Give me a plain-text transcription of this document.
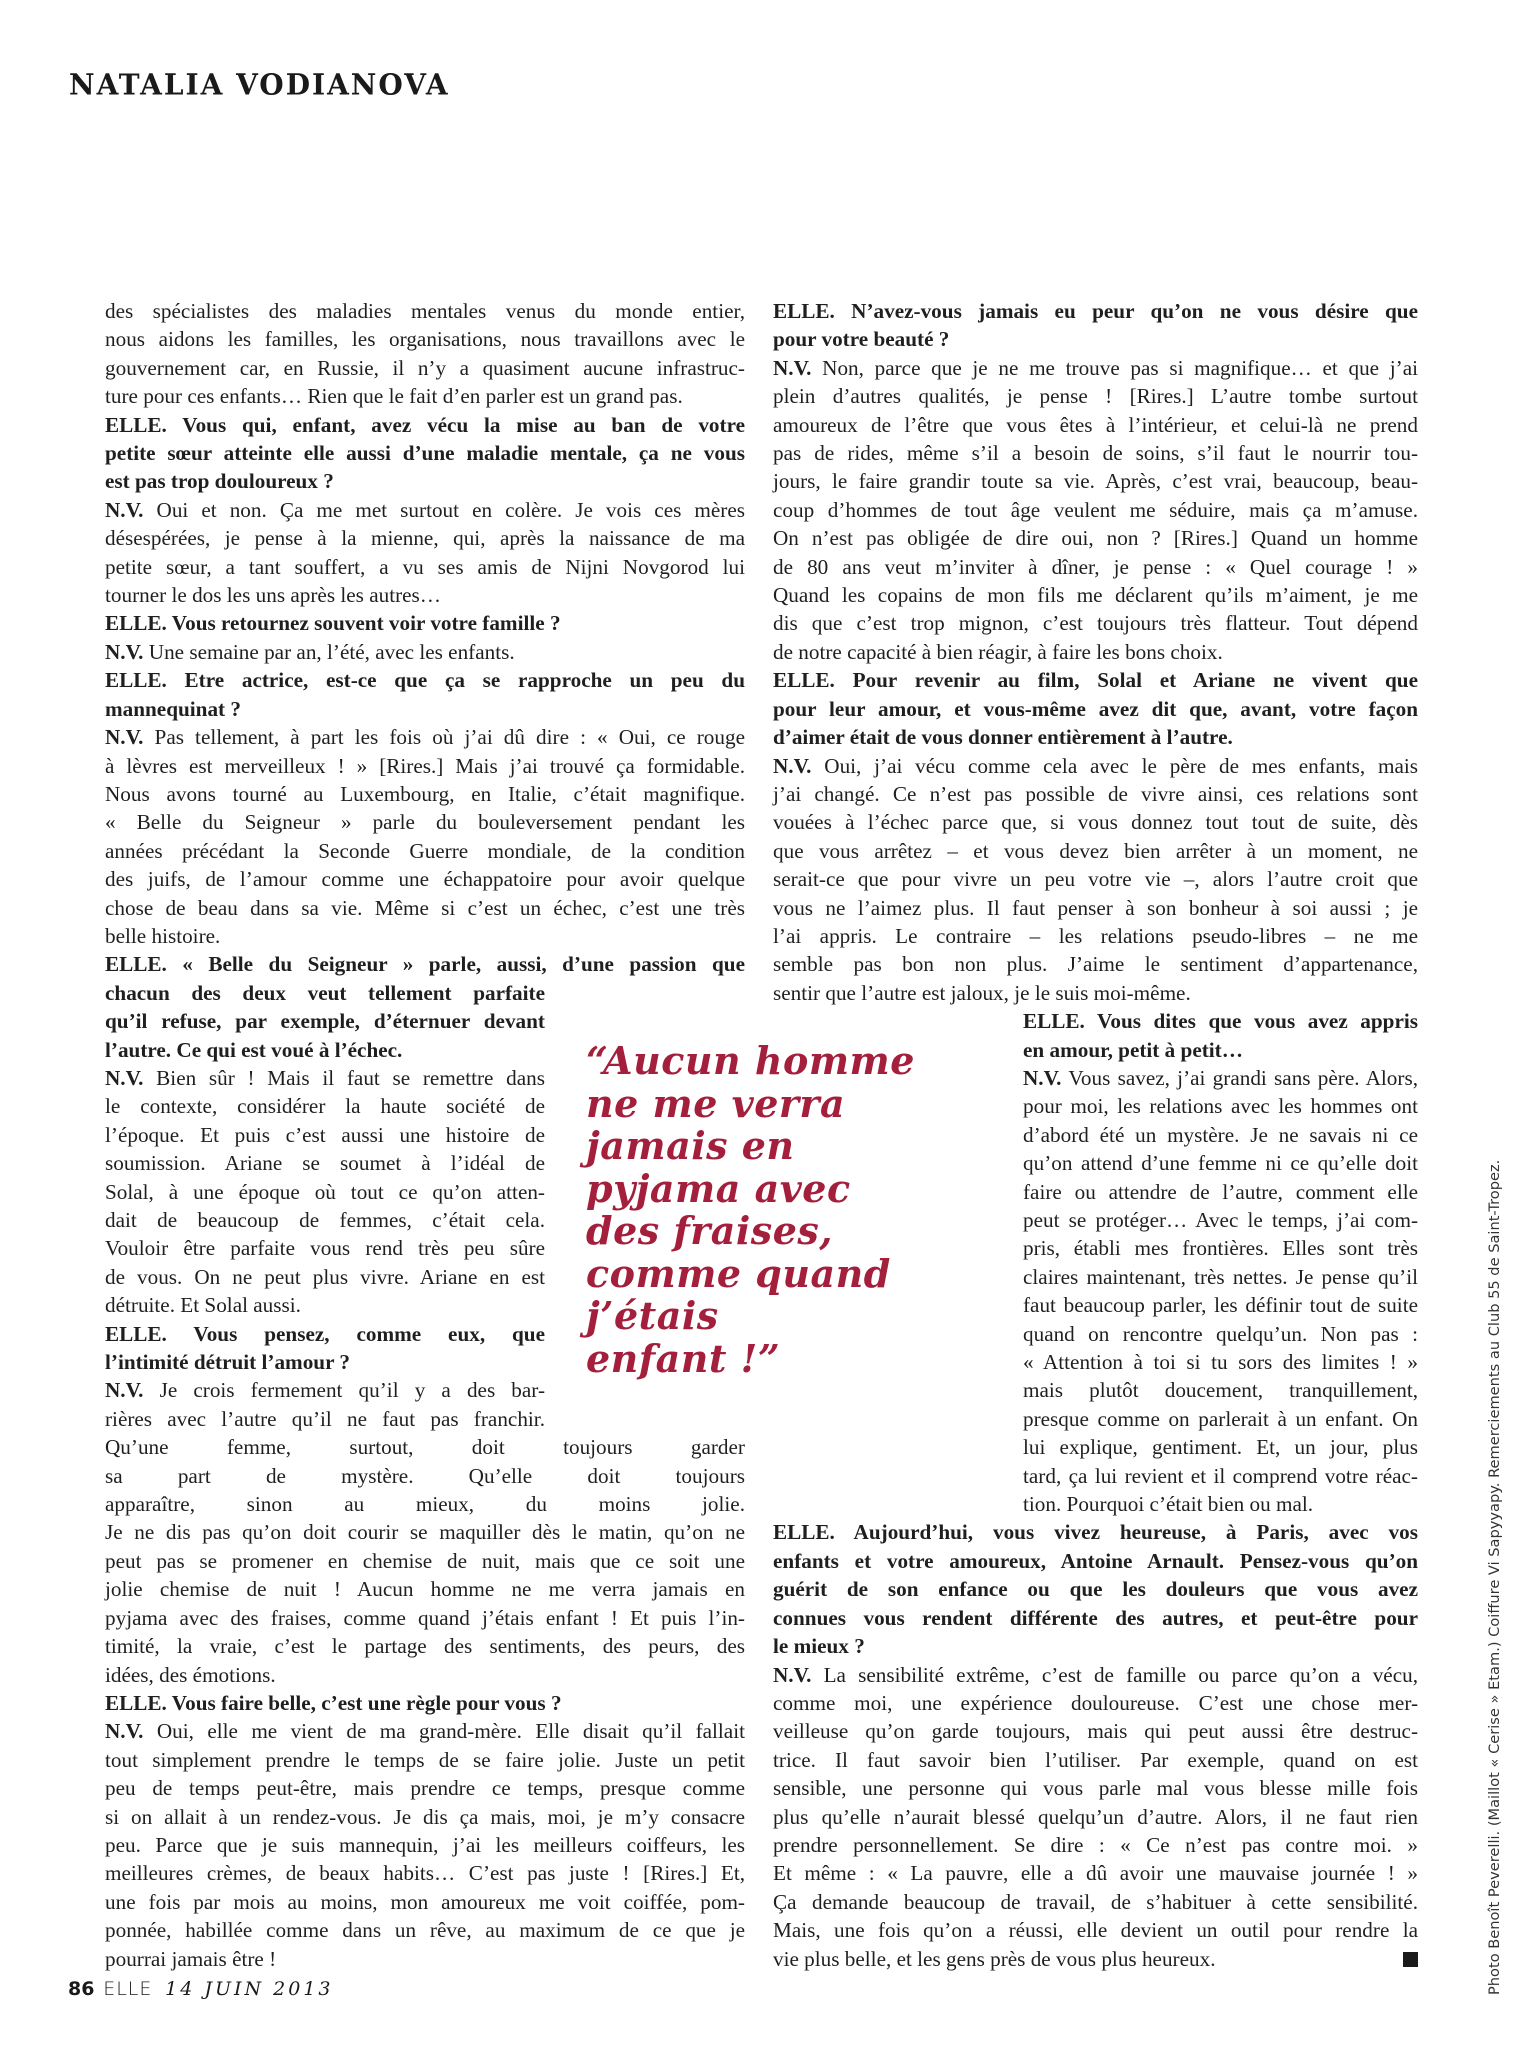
NATALIA VODIANOVA
des spécialistes des maladies mentales venus du monde entier,
nous aidons les familles, les organisations, nous travaillons avec le
gouvernement car, en Russie, il n’y a quasiment aucune infrastruc-
ture pour ces enfants… Rien que le fait d’en parler est un grand pas.
ELLE. Vous qui, enfant, avez vécu la mise au ban de votre
petite sœur atteinte elle aussi d’une maladie mentale, ça ne vous
est pas trop douloureux ?
N.V. Oui et non. Ça me met surtout en colère. Je vois ces mères
désespérées, je pense à la mienne, qui, après la naissance de ma
petite sœur, a tant souffert, a vu ses amis de Nijni Novgorod lui
tourner le dos les uns après les autres…
ELLE. Vous retournez souvent voir votre famille ?
N.V. Une semaine par an, l’été, avec les enfants.
ELLE. Etre actrice, est-ce que ça se rapproche un peu du
mannequinat ?
N.V. Pas tellement, à part les fois où j’ai dû dire : « Oui, ce rouge
à lèvres est merveilleux ! » [Rires.] Mais j’ai trouvé ça formidable.
Nous avons tourné au Luxembourg, en Italie, c’était magnifique.
« Belle du Seigneur » parle du bouleversement pendant les
années précédant la Seconde Guerre mondiale, de la condition
des juifs, de l’amour comme une échappatoire pour avoir quelque
chose de beau dans sa vie. Même si c’est un échec, c’est une très
belle histoire.
ELLE. « Belle du Seigneur » parle, aussi, d’une passion que
chacun des deux veut tellement parfaite
qu’il refuse, par exemple, d’éternuer devant
l’autre. Ce qui est voué à l’échec.
N.V. Bien sûr ! Mais il faut se remettre dans
le contexte, considérer la haute société de
l’époque. Et puis c’est aussi une histoire de
soumission. Ariane se soumet à l’idéal de
Solal, à une époque où tout ce qu’on atten-
dait de beaucoup de femmes, c’était cela.
Vouloir être parfaite vous rend très peu sûre
de vous. On ne peut plus vivre. Ariane en est
détruite. Et Solal aussi.
ELLE. Vous pensez, comme eux, que
l’intimité détruit l’amour ?
N.V. Je crois fermement qu’il y a des bar-
rières avec l’autre qu’il ne faut pas franchir.
Qu’une femme, surtout, doit toujours garder
sa part de mystère. Qu’elle doit toujours
apparaître, sinon au mieux, du moins jolie.
Je ne dis pas qu’on doit courir se maquiller dès le matin, qu’on ne
peut pas se promener en chemise de nuit, mais que ce soit une
jolie chemise de nuit ! Aucun homme ne me verra jamais en
pyjama avec des fraises, comme quand j’étais enfant ! Et puis l’in-
timité, la vraie, c’est le partage des sentiments, des peurs, des
idées, des émotions.
ELLE. Vous faire belle, c’est une règle pour vous ?
N.V. Oui, elle me vient de ma grand-mère. Elle disait qu’il fallait
tout simplement prendre le temps de se faire jolie. Juste un petit
peu de temps peut-être, mais prendre ce temps, presque comme
si on allait à un rendez-vous. Je dis ça mais, moi, je m’y consacre
peu. Parce que je suis mannequin, j’ai les meilleurs coiffeurs, les
meilleures crèmes, de beaux habits… C’est pas juste ! [Rires.] Et,
une fois par mois au moins, mon amoureux me voit coiffée, pom-
ponnée, habillée comme dans un rêve, au maximum de ce que je
pourrai jamais être !
ELLE. N’avez-vous jamais eu peur qu’on ne vous désire que
pour votre beauté ?
N.V. Non, parce que je ne me trouve pas si magnifique… et que j’ai
plein d’autres qualités, je pense ! [Rires.] L’autre tombe surtout
amoureux de l’être que vous êtes à l’intérieur, et celui-là ne prend
pas de rides, même s’il a besoin de soins, s’il faut le nourrir tou-
jours, le faire grandir toute sa vie. Après, c’est vrai, beaucoup, beau-
coup d’hommes de tout âge veulent me séduire, mais ça m’amuse.
On n’est pas obligée de dire oui, non ? [Rires.] Quand un homme
de 80 ans veut m’inviter à dîner, je pense : « Quel courage ! »
Quand les copains de mon fils me déclarent qu’ils m’aiment, je me
dis que c’est trop mignon, c’est toujours très flatteur. Tout dépend
de notre capacité à bien réagir, à faire les bons choix.
ELLE. Pour revenir au film, Solal et Ariane ne vivent que
pour leur amour, et vous-même avez dit que, avant, votre façon
d’aimer était de vous donner entièrement à l’autre.
N.V. Oui, j’ai vécu comme cela avec le père de mes enfants, mais
j’ai changé. Ce n’est pas possible de vivre ainsi, ces relations sont
vouées à l’échec parce que, si vous donnez tout tout de suite, dès
que vous arrêtez – et vous devez bien arrêter à un moment, ne
serait-ce que pour vivre un peu votre vie –, alors l’autre croit que
vous ne l’aimez plus. Il faut penser à son bonheur à soi aussi ; je
l’ai appris. Le contraire – les relations pseudo-libres – ne me
semble pas bon non plus. J’aime le sentiment d’appartenance,
sentir que l’autre est jaloux, je le suis moi-même.
ELLE. Vous dites que vous avez appris
en amour, petit à petit…
N.V. Vous savez, j’ai grandi sans père. Alors,
pour moi, les relations avec les hommes ont
d’abord été un mystère. Je ne savais ni ce
qu’on attend d’une femme ni ce qu’elle doit
faire ou attendre de l’autre, comment elle
peut se protéger… Avec le temps, j’ai com-
pris, établi mes frontières. Elles sont très
claires maintenant, très nettes. Je pense qu’il
faut beaucoup parler, les définir tout de suite
quand on rencontre quelqu’un. Non pas :
« Attention à toi si tu sors des limites ! »
mais plutôt doucement, tranquillement,
presque comme on parlerait à un enfant. On
lui explique, gentiment. Et, un jour, plus
tard, ça lui revient et il comprend votre réac-
tion. Pourquoi c’était bien ou mal.
ELLE. Aujourd’hui, vous vivez heureuse, à Paris, avec vos
enfants et votre amoureux, Antoine Arnault. Pensez-vous qu’on
guérit de son enfance ou que les douleurs que vous avez
connues vous rendent différente des autres, et peut-être pour
le mieux ?
N.V. La sensibilité extrême, c’est de famille ou parce qu’on a vécu,
comme moi, une expérience douloureuse. C’est une chose mer-
veilleuse qu’on garde toujours, mais qui peut aussi être destruc-
trice. Il faut savoir bien l’utiliser. Par exemple, quand on est
sensible, une personne qui vous parle mal vous blesse mille fois
plus qu’elle n’aurait blessé quelqu’un d’autre. Alors, il ne faut rien
prendre personnellement. Se dire : « Ce n’est pas contre moi. »
Et même : « La pauvre, elle a dû avoir une mauvaise journée ! »
Ça demande beaucoup de travail, de s’habituer à cette sensibilité.
Mais, une fois qu’on a réussi, elle devient un outil pour rendre la
vie plus belle, et les gens près de vous plus heureux.
“Aucun homme
ne me verra
jamais en
pyjama avec
des fraises,
comme quand
j’étais
enfant !”	Photo Benoît Peverelli. (Maillot « Cerise » Etam.) Coiffure Vi Sapyyapy. Remerciements au Club 55 de Saint-Tropez.
86 ELLE 14 JUIN 2013
